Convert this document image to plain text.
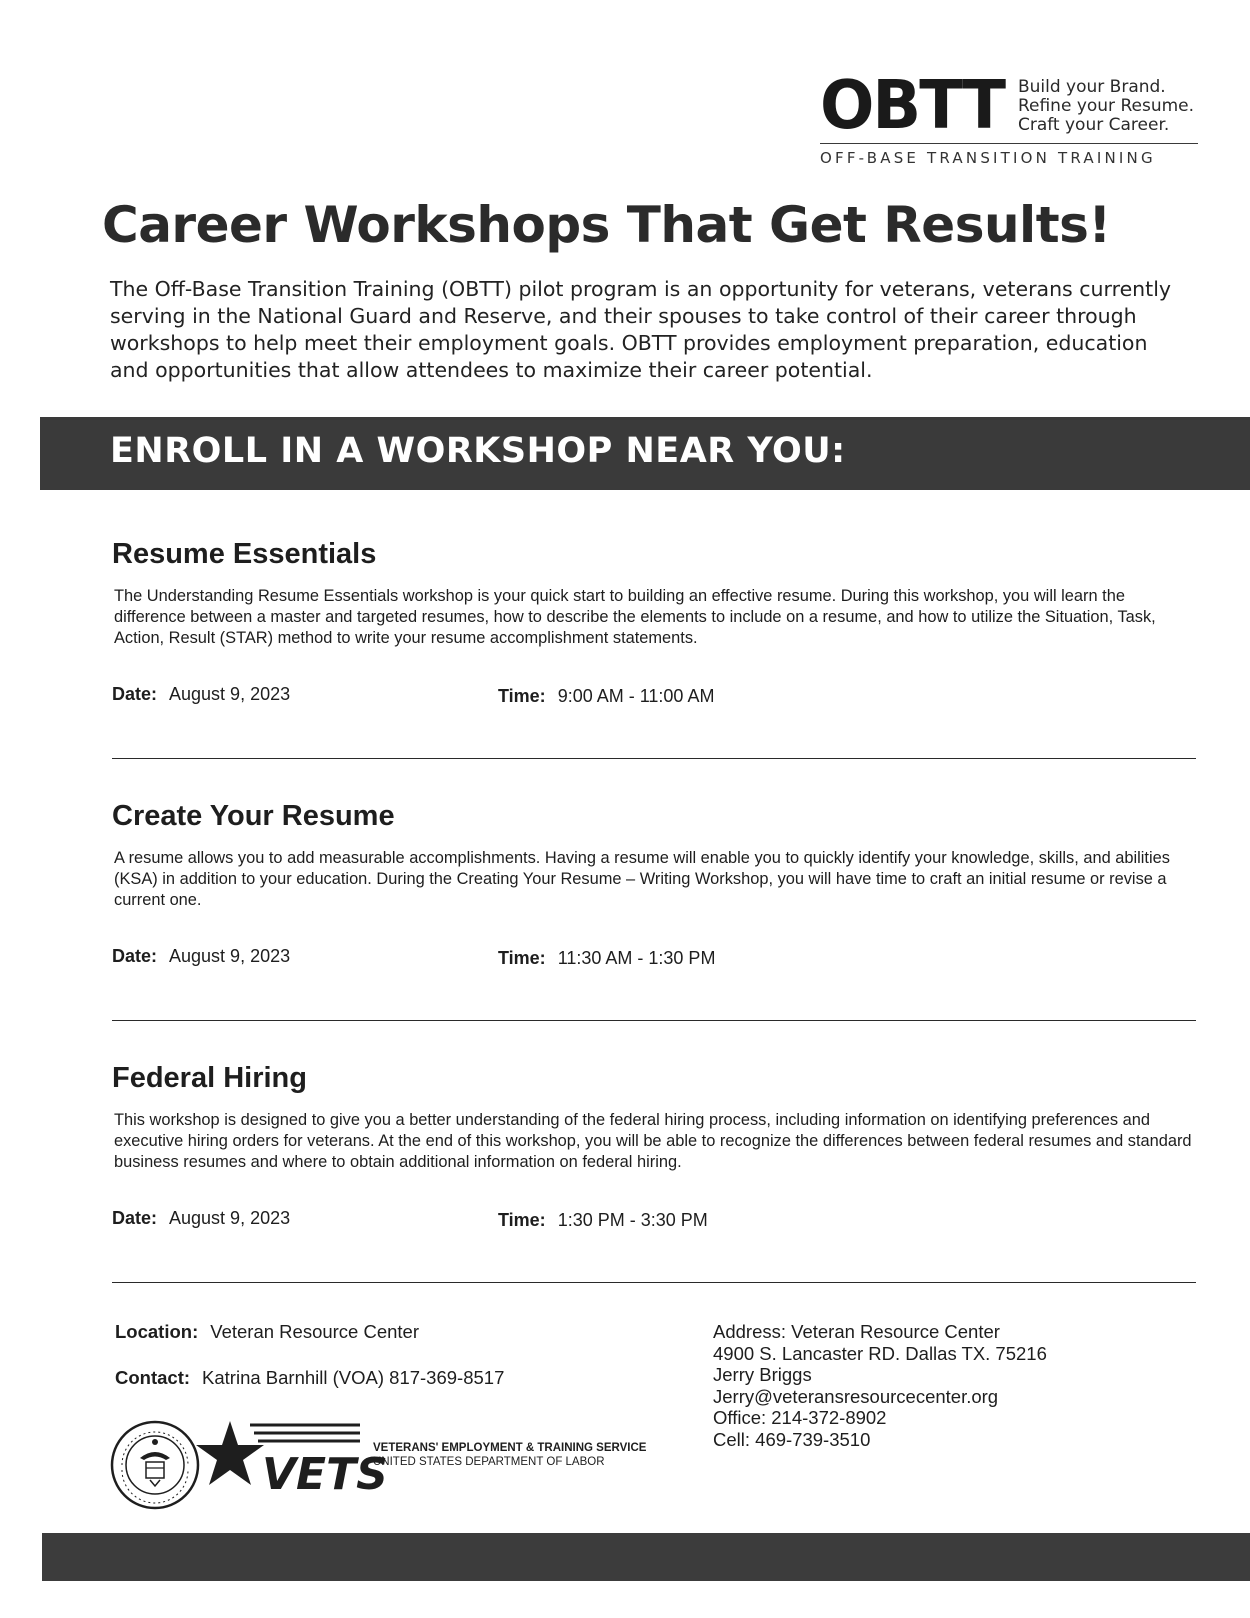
OBTT Build your Brand.
Refine your Resume.
Craft your Career.
OFF-BASE TRANSITION TRAINING
Career Workshops That Get Results!

The Off-Base Transition Training (OBTT) pilot program is an opportunity for veterans, veterans currently serving in the National Guard and Reserve, and their spouses to take control of their career through workshops to help meet their employment goals. OBTT provides employment preparation, education and opportunities that allow attendees to maximize their career potential.

ENROLL IN A WORKSHOP NEAR YOU:
Resume Essentials

The Understanding Resume Essentials workshop is your quick start to building an effective resume. During this workshop, you will learn the difference between a master and targeted resumes, how to describe the elements to include on a resume, and how to utilize the Situation, Task, Action, Result (STAR) method to write your resume accomplishment statements.

Date: August 9, 2023	Time: 9:00 AM - 11:00 AM
Create Your Resume

A resume allows you to add measurable accomplishments. Having a resume will enable you to quickly identify your knowledge, skills, and abilities (KSA) in addition to your education. During the Creating Your Resume – Writing Workshop, you will have time to craft an initial resume or revise a current one.

Date: August 9, 2023	Time: 11:30 AM - 1:30 PM
Federal Hiring

This workshop is designed to give you a better understanding of the federal hiring process, including information on identifying preferences and executive hiring orders for veterans. At the end of this workshop, you will be able to recognize the differences between federal resumes and standard business resumes and where to obtain additional information on federal hiring.

Date: August 9, 2023	Time: 1:30 PM - 3:30 PM
Location: Veteran Resource Center
Contact: Katrina Barnhill (VOA) 817-369-8517
Address: Veteran Resource Center
4900 S. Lancaster RD. Dallas TX. 75216
Jerry Briggs
Jerry@veteransresourcecenter.org
Office: 214-372-8902
Cell: 469-739-3510
VETS
VETERANS' EMPLOYMENT & TRAINING SERVICE
UNITED STATES DEPARTMENT OF LABOR
